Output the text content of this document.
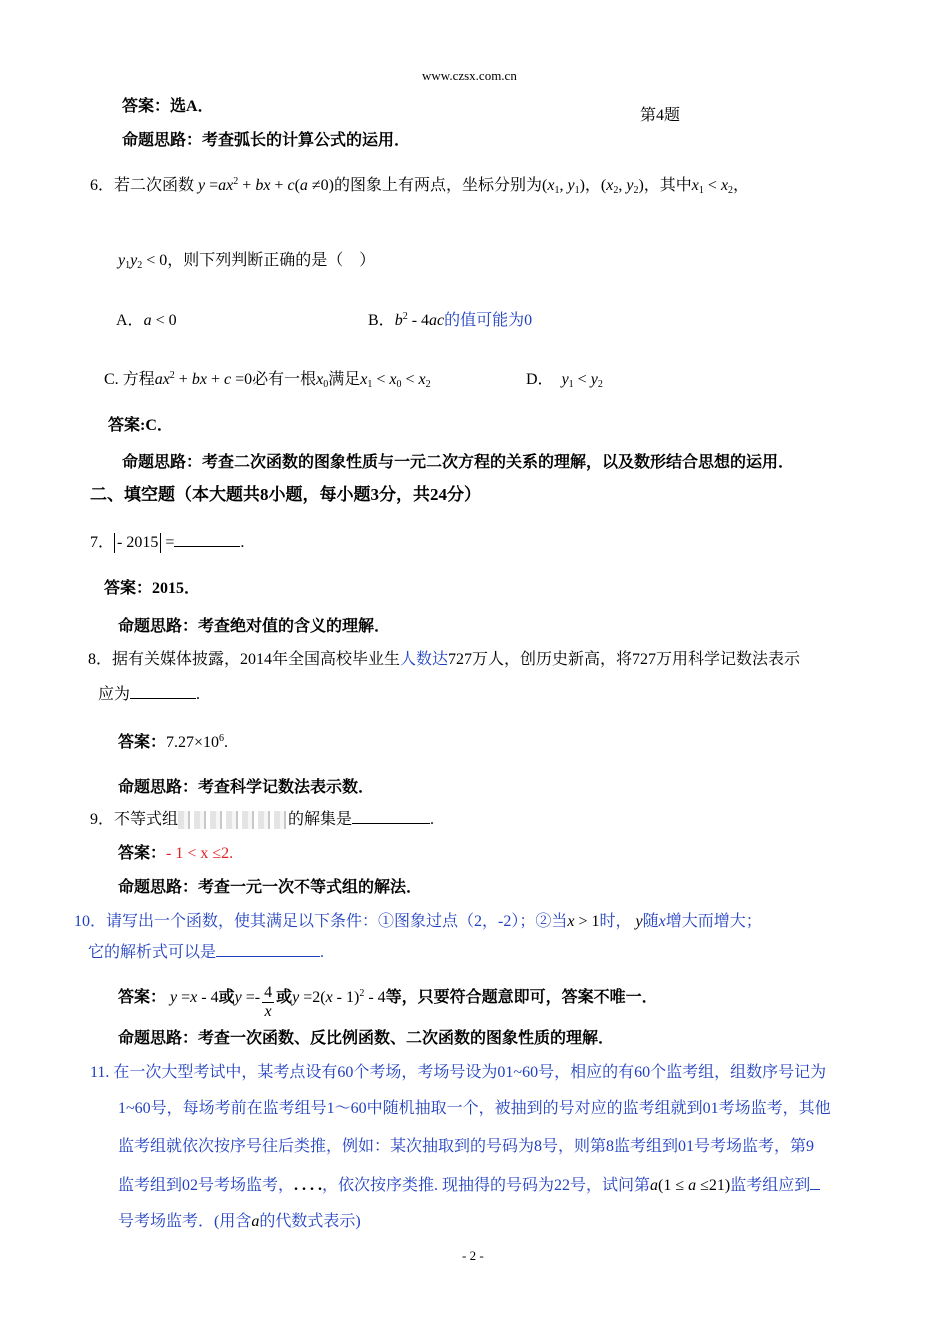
www.czsx.com.cn
答案：选A．
第4题
命题思路：考查弧长的计算公式的运用．
6．若二次函数 $y =ax^2$ + bx + c(a ≠0)的图象上有两点，坐标分别为($x_1$, $y_1$)，($x_2$, $y_2$)，其中$x_1 < x_2$，
$y_1y_2 < 0$，则下列判断正确的是（　）
A．a < 0	B．$b^2 - 4ac$的值可能为0
C. 方程$ax^2$ + bx + c =0必有一根$x_0$满足$x_1 < x_0 < x_2$	D． $y_1 < y_2$
答案:C．
命题思路：考查二次函数的图象性质与一元二次方程的关系的理解，以及数形结合思想的运用．
二、填空题（本大题共8小题，每小题3分，共24分）
7． - 2015 =	.
答案：2015．
命题思路：考查绝对值的含义的理解．
8．据有关媒体披露，2014年全国高校毕业生人数达727万人，创历史新高，将727万用科学记数法表示
应为	.
答案：$7.27\times 10^6$.
命题思路：考查科学记数法表示数．
9．不等式组	的解集是	.
答案：- 1 < x ≤2.
命题思路：考查一元一次不等式组的解法．
10．请写出一个函数，使其满足以下条件：①图象过点（2，-2）；②当x > 1时， y随x增大而增大；
它的解析式可以是	.
答案： y =x - 4或$y =- \frac{4}{x}$ 或y =2(x - 1)$^2$ - 4等，只要符合题意即可，答案不唯一．
命题思路：考查一次函数、反比例函数、二次函数的图象性质的理解．
11. 在一次大型考试中，某考点设有60个考场，考场号设为01~60号，相应的有60个监考组，组数序号记为
1~60号，每场考前在监考组号1～60中随机抽取一个，被抽到的号对应的监考组就到01考场监考，其他
监考组就依次按序号往后类推，例如：某次抽取到的号码为8号，则第8监考组到01号考场监考，第9
监考组到02号考场监考，. . . .，依次按序类推. 现抽得的号码为22号，试问第a(1 ≤ a ≤21)监考组应到
号考场监考．(用含a的代数式表示)
- 2 -
